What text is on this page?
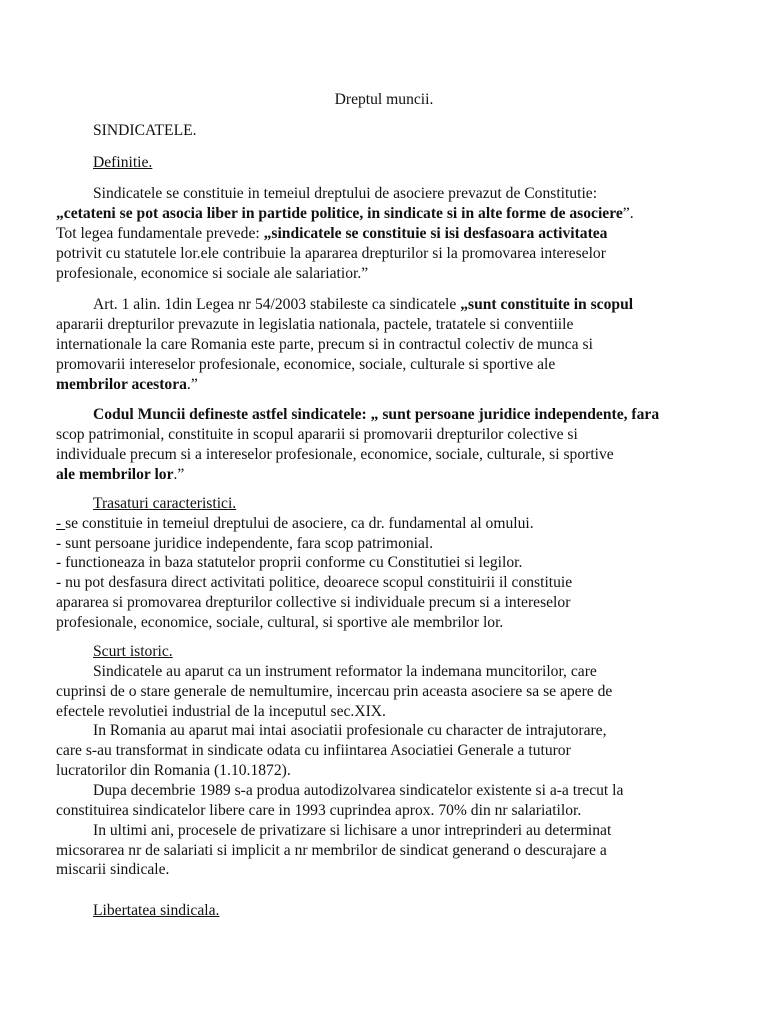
Dreptul muncii.
SINDICATELE.
Definitie.
Sindicatele se constituie in temeiul dreptului de asociere prevazut de Constitutie:
„cetateni se pot asocia liber in partide politice, in sindicate si in alte forme de asociere”.
Tot legea fundamentale prevede: „sindicatele se constituie si isi desfasoara activitatea
potrivit cu statutele lor.ele contribuie la apararea drepturilor si la promovarea intereselor
profesionale, economice si sociale ale salariatior.”
Art. 1 alin. 1din Legea nr 54/2003 stabileste ca sindicatele „sunt constituite in scopul
apararii drepturilor prevazute in legislatia nationala, pactele, tratatele si conventiile
internationale la care Romania este parte, precum si in contractul colectiv de munca si
promovarii intereselor profesionale, economice, sociale, culturale si sportive ale
membrilor acestora.”
Codul Muncii defineste astfel sindicatele: „ sunt persoane juridice independente, fara
scop patrimonial, constituite in scopul apararii si promovarii drepturilor colective si
individuale precum si a intereselor profesionale, economice, sociale, culturale, si sportive
ale membrilor lor.”
Trasaturi caracteristici.
- se constituie in temeiul dreptului de asociere, ca dr. fundamental al omului.
- sunt persoane juridice independente, fara scop patrimonial.
- functioneaza in baza statutelor proprii conforme cu Constitutiei si legilor.
- nu pot desfasura direct activitati politice, deoarece scopul constituirii il constituie
apararea si promovarea drepturilor collective si individuale precum si a intereselor
profesionale, economice, sociale, cultural, si sportive ale membrilor lor.
Scurt istoric.
Sindicatele au aparut ca un instrument reformator la indemana muncitorilor, care
cuprinsi de o stare generale de nemultumire, incercau prin aceasta asociere sa se apere de
efectele revolutiei industrial de la inceputul sec.XIX.
In Romania au aparut mai intai asociatii profesionale cu character de intrajutorare,
care s-au transformat in sindicate odata cu infiintarea Asociatiei Generale a tuturor
lucratorilor din Romania (1.10.1872).
Dupa decembrie 1989 s-a produa autodizolvarea sindicatelor existente si a-a trecut la
constituirea sindicatelor libere care in 1993 cuprindea aprox. 70% din nr salariatilor.
In ultimi ani, procesele de privatizare si lichisare a unor intreprinderi au determinat
micsorarea nr de salariati si implicit a nr membrilor de sindicat generand o descurajare a
miscarii sindicale.
Libertatea sindicala.
